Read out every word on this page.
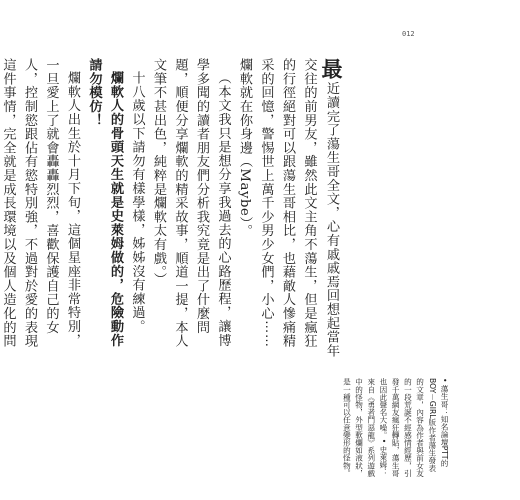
012

最近讀完了蕩生哥全文，心有戚戚焉回想起當年交往的前男友，雖然此文主角不蕩生，但是瘋狂的行徑絕對可以跟蕩生哥相比，也藉敵人慘痛精采的回憶，警惕世上萬千少男少女們，小心⋯⋯爛軟就在你身邊（Maybe）。

（本文我只是想分享我過去的心路歷程，讓博學多聞的讀者朋友們分析我究竟是出了什麼問題，順便分享爛軟的精采故事，順道一提，本人文筆不甚出色，純粹是爛軟太有戲。）

十八歲以下請勿有樣學樣，姊姊沒有練過。

爛軟人的骨頭天生就是史萊姆做的，危險動作請勿模仿！

爛軟人出生於十月下旬，這個星座非常特別，一旦愛上了就會轟轟烈烈，喜歡保護自己的女人，控制慾跟佔有慾特別強，不過對於愛的表現這件事情，完全就是成長環境以及個人造化的問

• 蕩生哥：知名論壇PTT的BOY－GIRL版作者蕩生發表的文章，內容為作者與前女友的一段荒誕不經感情經歷，引發千萬網友瘋狂轉貼，蕩生哥也因此聲名大噪。• 史萊姆：來自《勇者鬥惡龍》系列遊戲中的怪物，外型軟爛如液狀，是一種可以任意變形的怪物。
